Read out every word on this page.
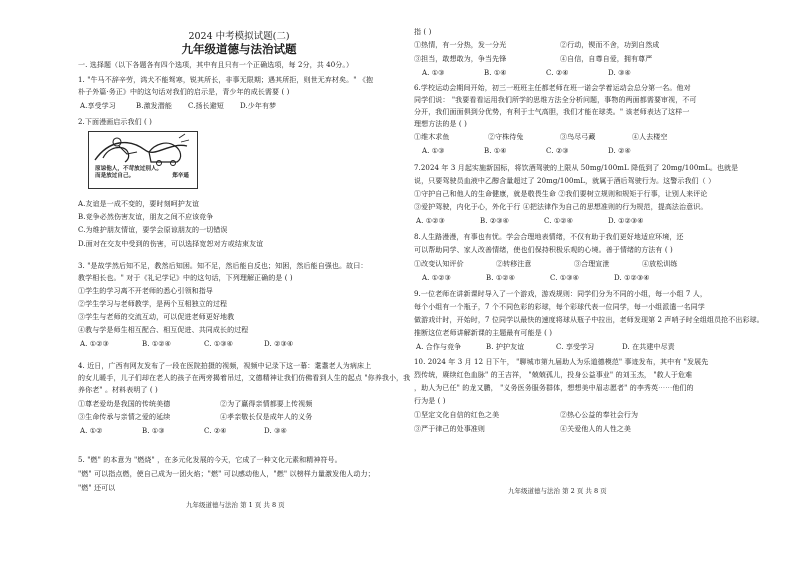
2024 中考模拟试题(二)
九年级道德与法治试题
一. 选择题（以下各题各有四个选项，其中有且只有一个正确选项，每 2分，共 40分。）
1. "牛马不辞辛劳，鸿犬不能驽寒，锐其所长，非事无限期；遇其所拒，则世无弃材矣。" 《抱
朴子外篇·务正》中的这句话对我们的启示是，青少年的成长需要 ( )
A.享受学习	B.激发潜能 C.扬长避短 D.少年有梦
2.下面漫画启示我们 ( )
原谅他人，不苛放过别人。
而是放过自己。	郑辛遥
A.友谊是一成不变的，要时刻呵护友谊
B.竞争必然伤害友谊，朋友之间不应该竞争
C.为维护朋友情谊，要学会原谅朋友的一切错误
D.面对在交友中受到的伤害，可以选择宽恕对方或结束友谊
3. "是故学然后知不足，教然后知困。知不足，然后能自反也；知困，然后能自强也。故曰：
教学相长也。" 对于《礼记学记》中的这句话，下列理解正确的是 ( )
①学生的学习离不开老师的悉心引领和指导
②学生学习与老师教学，是两个互相独立的过程
③学生与老师的交流互动，可以促进老师更好地教
④教与学是师生相互配合、相互促进、共同成长的过程
A. ①②③	B. ①②④	C. ①③④	D. ②③④
4. 近日，广西有网友发布了一段在医院拍摄的视频，视频中记录下这一幕：耄耋老人为病床上
的女儿暖手，儿子们却在老人的孩子在两旁揭着吊过，文德精神让我们仿佛看到人生的起点 "你养我小，我
养你老" 。材料表明了 ( )
①尊老爱幼是我国的传统美德	②为了赢得亲情都要上传视频
③生命传承与亲情之爱的延续	④孝亲敬长仅是成年人的义务
A. ①②	B. ①③	C. ②④	D. ③④
5. "燃" 的本意为 "燃烧" ，在多元化发展的今天，它成了一种文化元素和精神符号。
"燃" 可以指点燃，使自己成为一团火焰；"燃" 可以感动他人，"燃" 以榜样力量激发他人动力；
"燃" 还可以
九年级道德与法治 第 1 页 共 8 页
指 ( )
①热情，有一分热，发一分光	②行动，锲而不舍，功到自然成
③担当，敢想敢为，争当先锋	④自信，自尊自爱，拥有尊严
A. ①③	B. ①④	C. ②④	D. ③④
6.学校运动会期间开始，初三一班班主任都老师在班一诺会学着运动会总分第一名。他对
同学们说： "我要看看运用我们所学的思维方法全分析问题，事物的两面都需要审视，不可
分开，我们面面俱到分优势，有利于士气高胆，我们才能在球类。" 该老师表达了这样一
理想方法的是 ( )
①维木求鱼	②守株待兔	③鸟尽弓藏	④人去楼空
A. ①③	B. ①④	C. ②③	D. ②④
7.2024 年 3 月起实施新国标，将饮酒驾驶的上限从 50mg/100mL 降低到了 20mg/100mL。也就是
说，只要驾驶员血液中乙醇含量超过了 20mg/100mL，就属于酒后驾驶行为。这警示我们（ ）
①守护自己和他人的生命健康，就是敬畏生命 ②我们要树立规则和规矩于行事，让别人来评论
③爱护驾驶，内化于心，外化于行 ④把法律作为自己的思想准则的行为规范，提高法治意识。
A. ①②③	B. ②③④	C. ①②④	D. ①②③④
8.人生路漫漫，有事也有忧。学会合理地表情绪，不仅有助于我们更好地适应环境，还
可以帮助同学、家人改善情绪，使也们保持积极乐观的心境。善于情绪的方法有 ( )
①改变认知评价	②转移注意	③合理宣泄	④放松训练
A. ①②③	B. ①②④	C. ①③④	D. ①②③④
9.一位老师在讲新课时导入了一个游戏，游戏规则：同学们分为不同的小组，每一小组 7 人，
每个小组有一个瓶子，7 个不同色彩的彩球，每个彩球代表一位同学，每一小组派遣一名同学
做游戏计时，开始时，7 位同学以最快的速度将球从瓶子中拉出，老师发现第 2 声哨子时全组组员抢不出彩球。
推断这位老师讲解新课的主题最有可能是 ( )
A. 合作与竞争	B. 护护友谊	C. 享受学习	D. 在共建中尽责
10. 2024 年 3 月 12 日下午， "聊城市第九届助人为乐道德模范" 事迹发布，其中有 "发展先
烈传统，赓续红色血脉" 的王吉祥， "兢兢孤儿，投身公益事业" 的刘玉杰， "救人于危难
，助人为已任" 的龙又鹏， "义务医务服务群体，想想美中眉志愿者" 的李秀英⋯⋯他们的
行为是 ( )
①坚定文化自信的红色之美	②热心公益的奉社会行为
③严于律己的处事准则	④关爱他人的人性之美
九年级道德与法治 第 2 页 共 8 页
